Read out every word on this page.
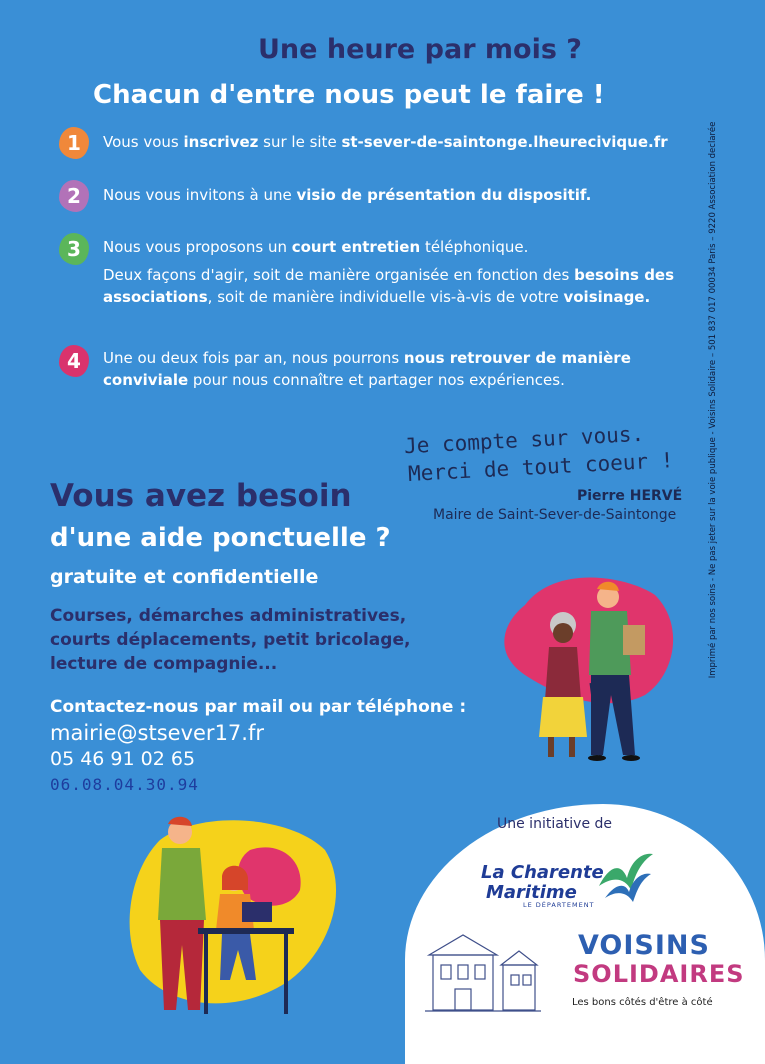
Imprimé par nos soins - Ne pas jeter sur la voie publique - Voisins Solidaire – 501 837 017 00034 Paris – 9220 Association declarée
Une heure par mois ?
Chacun d'entre nous peut le faire !
1 Vous vous inscrivez sur le site st-sever-de-saintonge.lheurecivique.fr
2 Nous vous invitons à une visio de présentation du dispositif.
3 Nous vous proposons un court entretien téléphonique.
Deux façons d'agir, soit de manière organisée en fonction des besoins des associations, soit de manière individuelle vis-à-vis de votre voisinage.
4 Une ou deux fois par an, nous pourrons nous retrouver de manière conviviale pour nous connaître et partager nos expériences.
Je compte sur vous.
Merci de tout coeur !
Pierre HERVÉ
Maire de Saint-Sever-de-Saintonge
Vous avez besoin
d'une aide ponctuelle ?
gratuite et confidentielle
Courses, démarches administratives, courts déplacements, petit bricolage, lecture de compagnie...
Contactez-nous par mail ou par téléphone :
mairie@stsever17.fr
05 46 91 02 65
06.08.04.30.94
Une initiative de
La Charente
Maritime
LE DÉPARTEMENT
VOISINS
SOLIDAIRES
Les bons côtés d'être à côté
